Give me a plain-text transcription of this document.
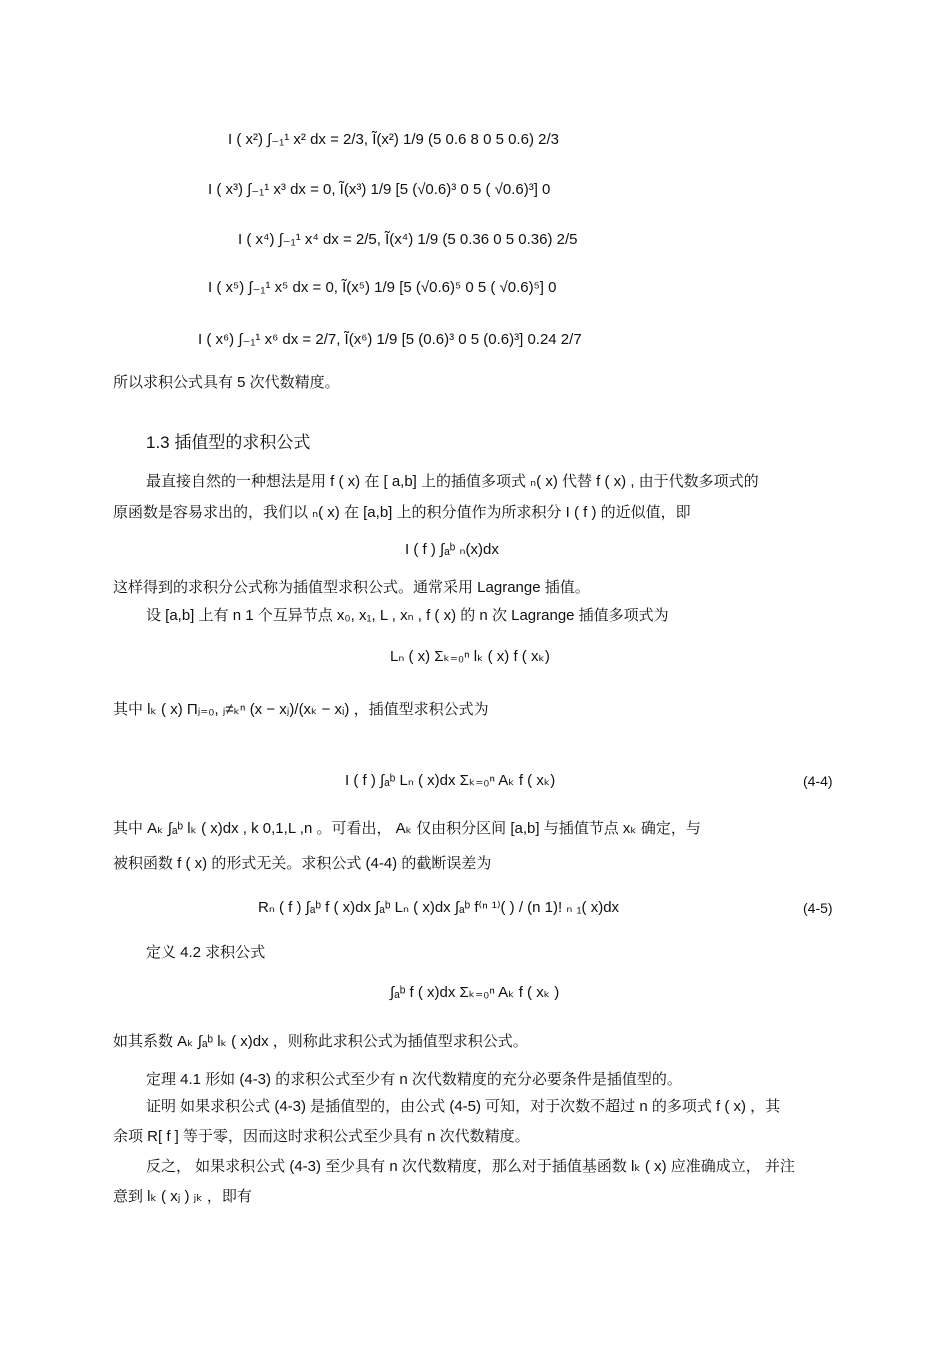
I ( x²) ∫₋₁¹ x² dx = 2/3, Ĩ(x²) 1/9 (5 0.6 8 0 5 0.6) 2/3
I ( x³) ∫₋₁¹ x³ dx = 0, Ĩ(x³) 1/9 [5 (√0.6)³ 0 5 ( √0.6)³] 0
I ( x⁴) ∫₋₁¹ x⁴ dx = 2/5, Ĩ(x⁴) 1/9 (5 0.36 0 5 0.36) 2/5
I ( x⁵) ∫₋₁¹ x⁵ dx = 0, Ĩ(x⁵) 1/9 [5 (√0.6)⁵ 0 5 ( √0.6)⁵] 0
I ( x⁶) ∫₋₁¹ x⁶ dx = 2/7, Ĩ(x⁶) 1/9 [5 (0.6)³ 0 5 (0.6)³] 0.24 2/7
所以求积公式具有 5 次代数精度。
1.3 插值型的求积公式
最直接自然的一种想法是用 f ( x) 在 [ a,b] 上的插值多项式 ₙ( x) 代替 f ( x) , 由于代数多项式的
原函数是容易求出的，我们以 ₙ( x) 在 [a,b] 上的积分值作为所求积分 I ( f ) 的近似值，即
I ( f ) ∫ₐᵇ ₙ(x)dx
这样得到的求积分公式称为插值型求积公式。通常采用 Lagrange 插值。
设 [a,b] 上有 n 1 个互异节点 x₀, x₁, L , xₙ , f ( x) 的 n 次 Lagrange 插值多项式为
Lₙ ( x) Σₖ₌₀ⁿ lₖ ( x) f ( xₖ)
其中 lₖ ( x) Πⱼ₌₀, ⱼ≠ₖⁿ (x − xⱼ)/(xₖ − xᵢ) ，插值型求积公式为
I ( f ) ∫ₐᵇ Lₙ ( x)dx Σₖ₌₀ⁿ Aₖ f ( xₖ)	(4-4)
其中 Aₖ ∫ₐᵇ lₖ ( x)dx , k 0,1,L ,n 。可看出， Aₖ 仅由积分区间 [a,b] 与插值节点 xₖ 确定，与
被积函数 f ( x) 的形式无关。求积公式 (4-4) 的截断误差为
Rₙ ( f ) ∫ₐᵇ f ( x)dx ∫ₐᵇ Lₙ ( x)dx ∫ₐᵇ f⁽ⁿ ¹⁾( ) / (n 1)! ₙ ₁( x)dx	(4-5)
定义 4.2 求积公式
∫ₐᵇ f ( x)dx Σₖ₌₀ⁿ Aₖ f ( xₖ )
如其系数 Aₖ ∫ₐᵇ lₖ ( x)dx ，则称此求积公式为插值型求积公式。
定理 4.1 形如 (4-3) 的求积公式至少有 n 次代数精度的充分必要条件是插值型的。
证明 如果求积公式 (4-3) 是插值型的，由公式 (4-5) 可知，对于次数不超过 n 的多项式 f ( x) ，其
余项 R[ f ] 等于零，因而这时求积公式至少具有 n 次代数精度。
反之， 如果求积公式 (4-3) 至少具有 n 次代数精度，那么对于插值基函数 lₖ ( x) 应准确成立， 并注
意到 lₖ ( xⱼ ) ⱼₖ ，即有
